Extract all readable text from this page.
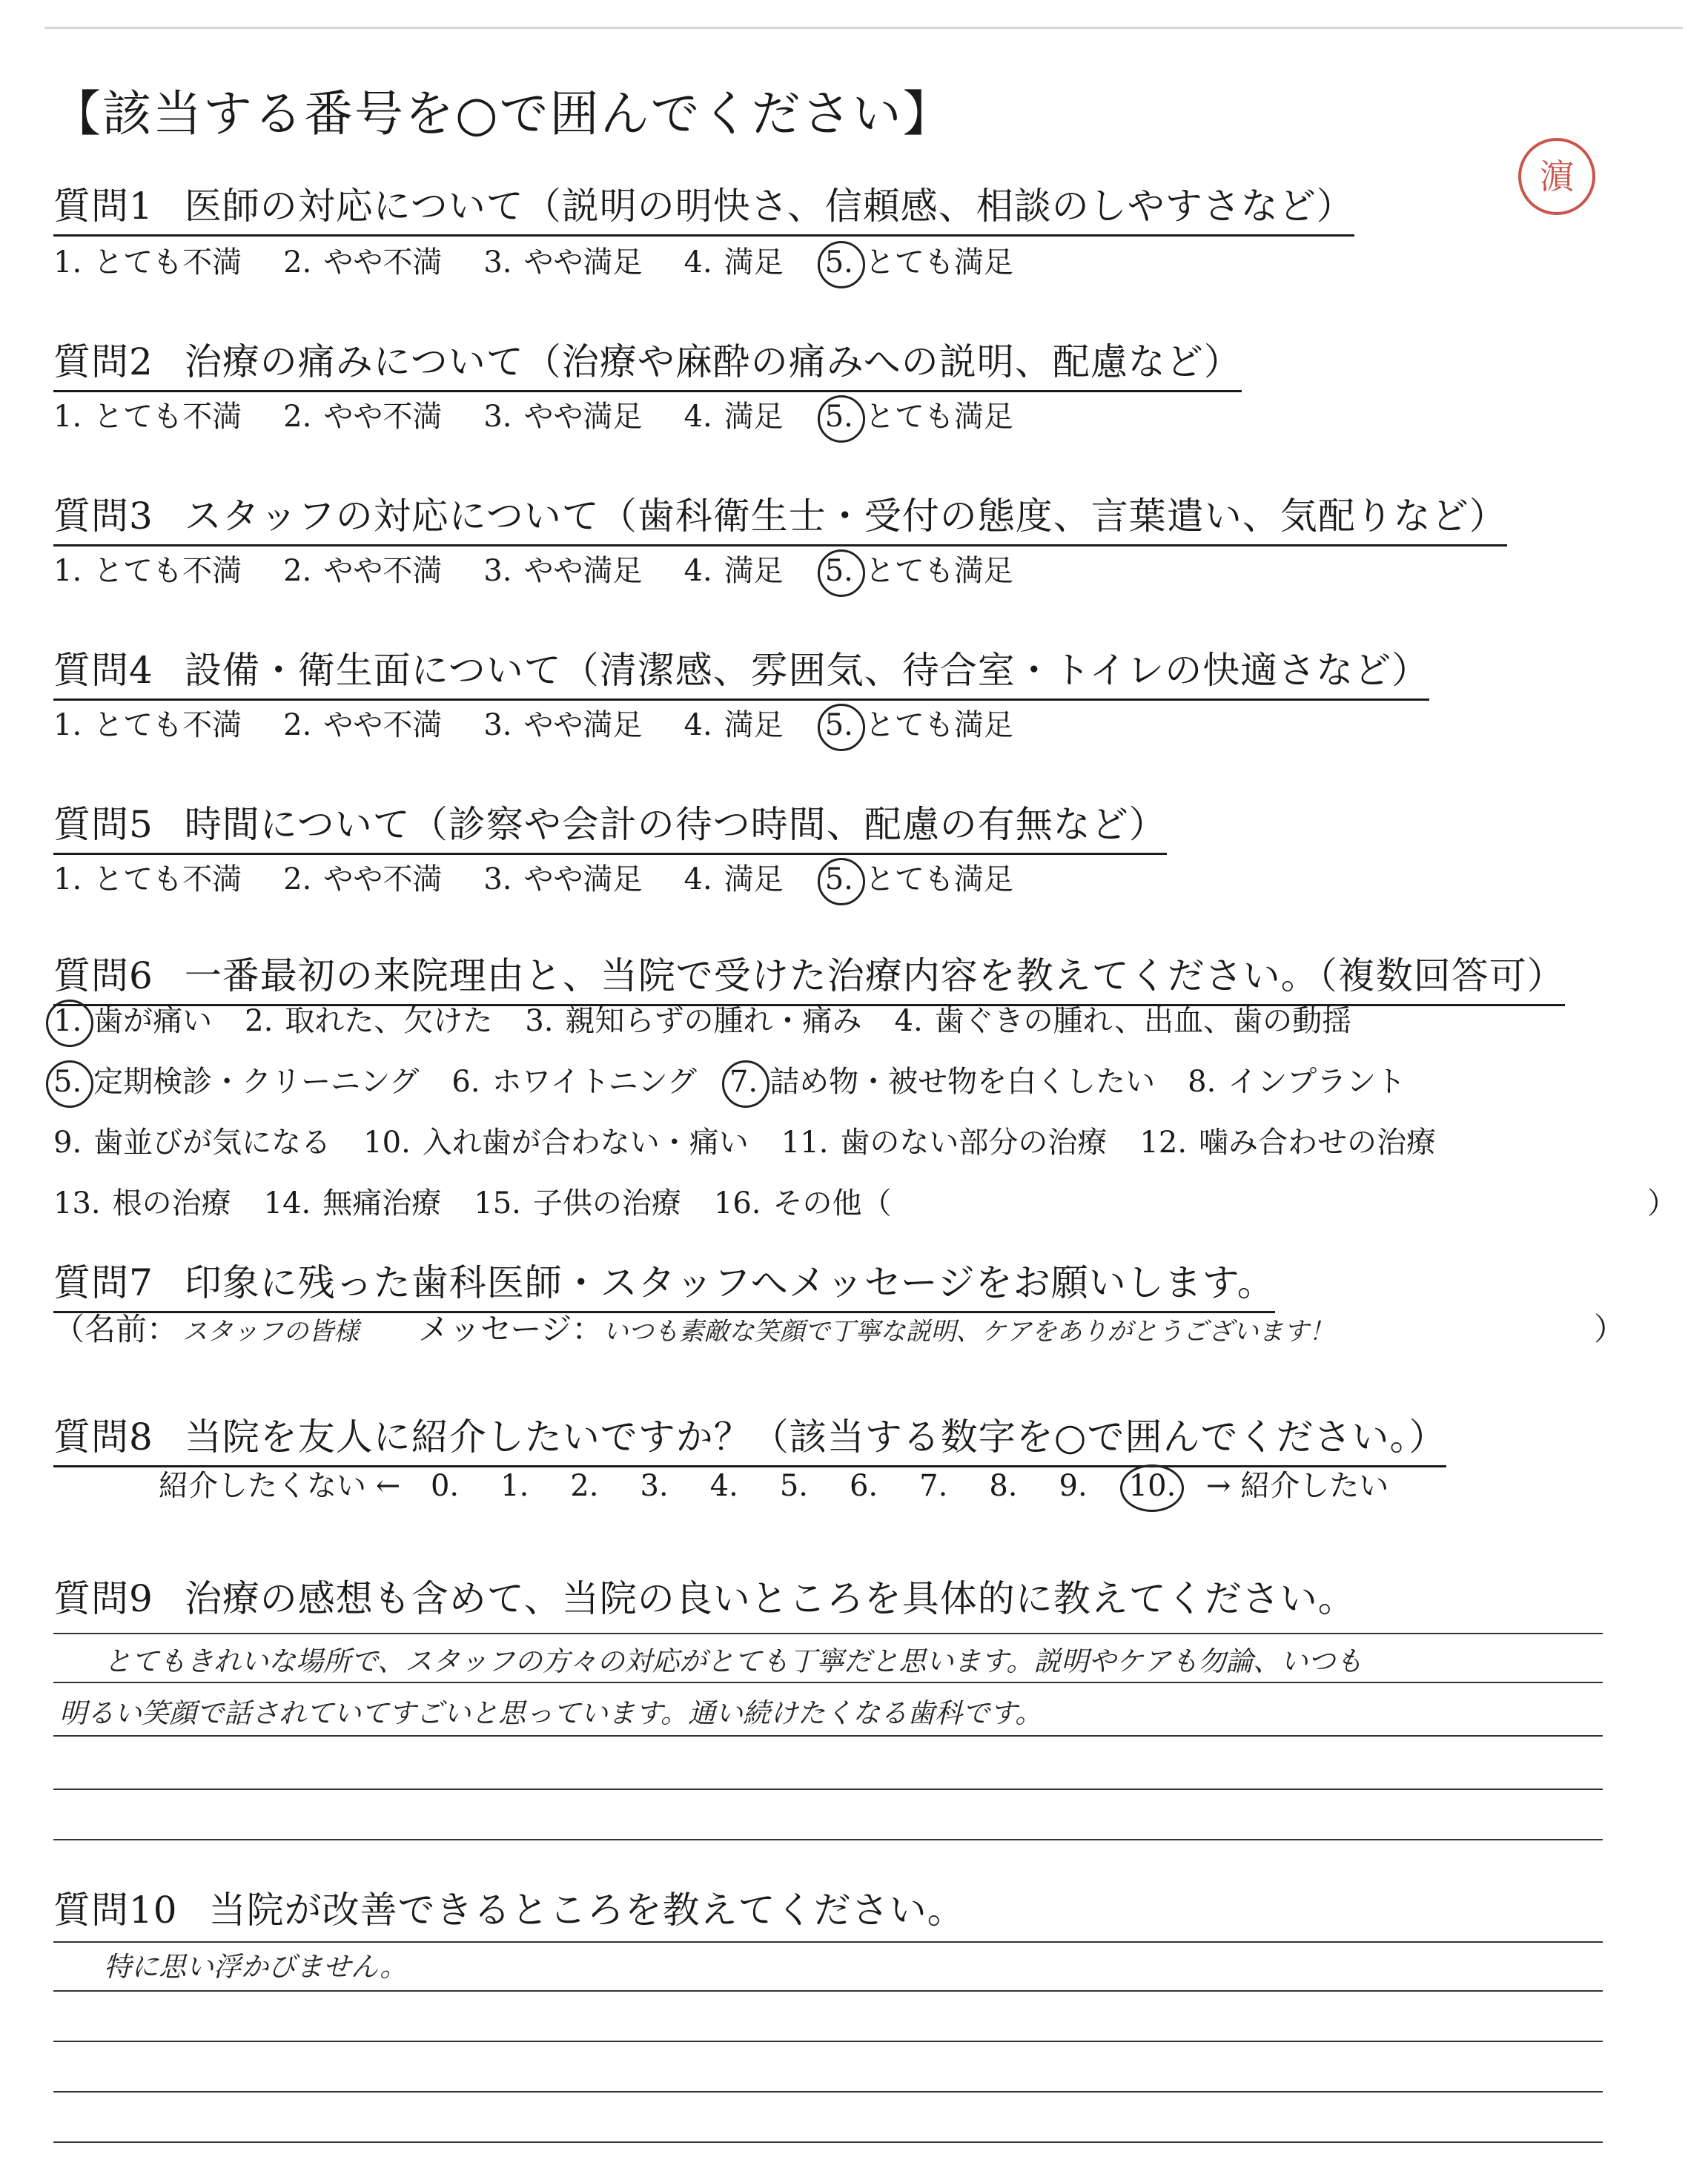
【該当する番号を○で囲んでください】
濵
質問1 医師の対応について（説明の明快さ、信頼感、相談のしやすさなど）
1. とても不満 2. やや不満 3. やや満足 4. 満足 5. とても満足
質問2 治療の痛みについて（治療や麻酔の痛みへの説明、配慮など）
1. とても不満 2. やや不満 3. やや満足 4. 満足 5. とても満足
質問3 スタッフの対応について（歯科衛生士・受付の態度、言葉遣い、気配りなど）
1. とても不満 2. やや不満 3. やや満足 4. 満足 5. とても満足
質問4 設備・衛生面について（清潔感、雰囲気、待合室・トイレの快適さなど）
1. とても不満 2. やや不満 3. やや満足 4. 満足 5. とても満足
質問5 時間について（診察や会計の待つ時間、配慮の有無など）
1. とても不満 2. やや不満 3. やや満足 4. 満足 5. とても満足
質問6 一番最初の来院理由と、当院で受けた治療内容を教えてください。（複数回答可）
1. 歯が痛い 2. 取れた、欠けた 3. 親知らずの腫れ・痛み 4. 歯ぐきの腫れ、出血、歯の動揺
5. 定期検診・クリーニング 6. ホワイトニング 7. 詰め物・被せ物を白くしたい 8. インプラント
9. 歯並びが気になる 10. 入れ歯が合わない・痛い 11. 歯のない部分の治療 12. 噛み合わせの治療
13. 根の治療 14. 無痛治療 15. 子供の治療 16. その他（	）
質問7 印象に残った歯科医師・スタッフへメッセージをお願いします。
（名前： スタッフの皆様 メッセージ：いつも素敵な笑顔で丁寧な説明、ケアをありがとうございます！	）
質問8 当院を友人に紹介したいですか？（該当する数字を○で囲んでください。）
紹介したくない ← 0. 1. 2. 3. 4. 5. 6. 7. 8. 9. 10. → 紹介したい
質問9 治療の感想も含めて、当院の良いところを具体的に教えてください。
とてもきれいな場所で、スタッフの方々の対応がとても丁寧だと思います。説明やケアも勿論、いつも
明るい笑顔で話されていてすごいと思っています。通い続けたくなる歯科です。
質問10 当院が改善できるところを教えてください。
特に思い浮かびません。
